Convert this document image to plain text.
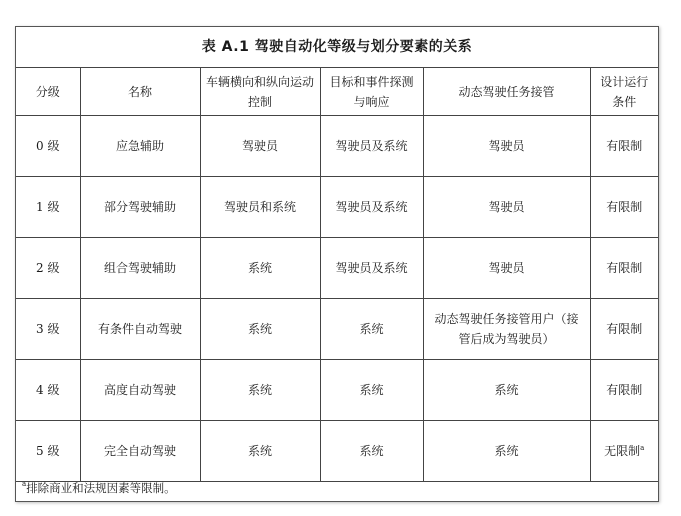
表 A.1 驾驶自动化等级与划分要素的关系
分级	名称	车辆横向和纵向运动控制	目标和事件探测与响应	动态驾驶任务接管	设计运行条件
0 级	应急辅助	驾驶员	驾驶员及系统	驾驶员	有限制
1 级	部分驾驶辅助	驾驶员和系统	驾驶员及系统	驾驶员	有限制
2 级	组合驾驶辅助	系统	驾驶员及系统	驾驶员	有限制
3 级	有条件自动驾驶	系统	系统	动态驾驶任务接管用户（接管后成为驾驶员）	有限制
4 级	高度自动驾驶	系统	系统	系统	有限制
5 级	完全自动驾驶	系统	系统	系统	无限制$^a$
$^a$排除商业和法规因素等限制。
